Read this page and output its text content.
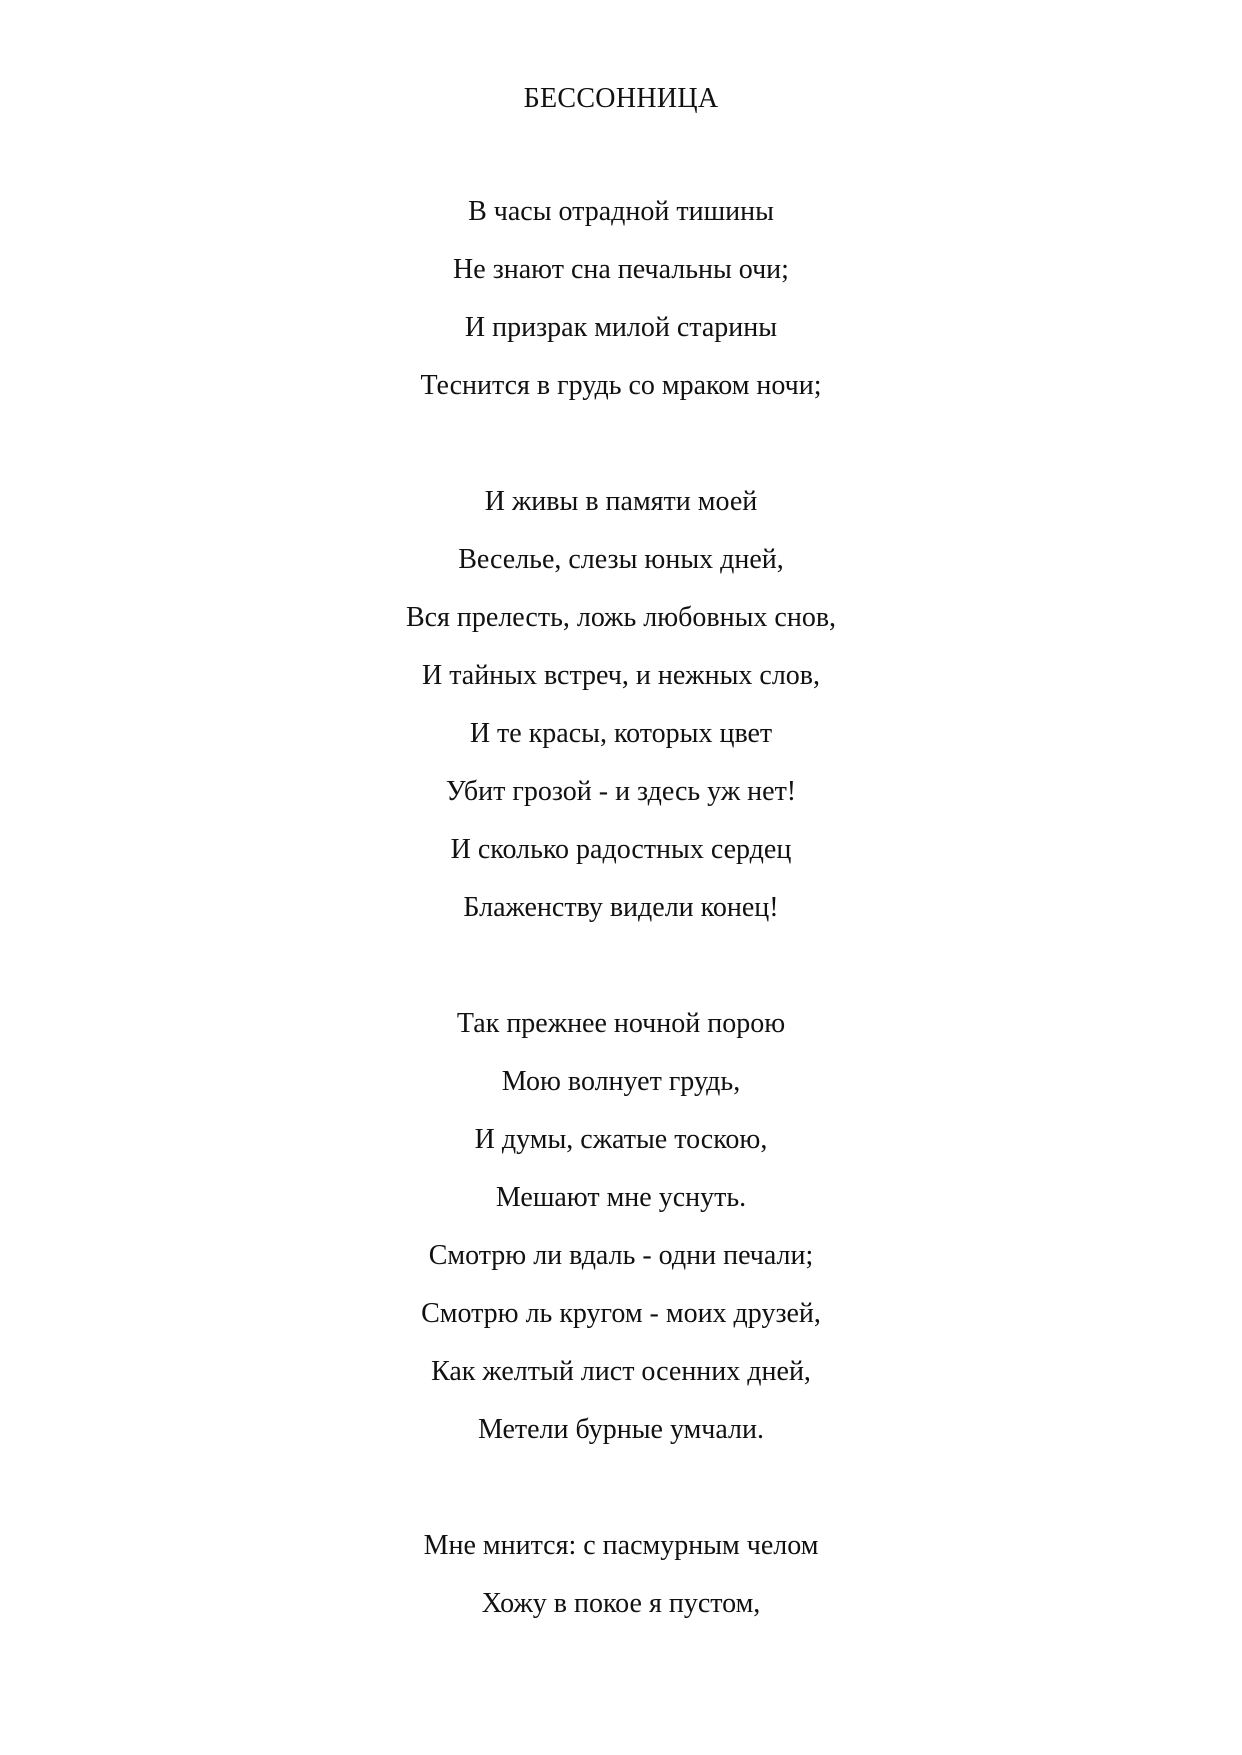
БЕССОННИЦА
В часы отрадной тишины
Не знают сна печальны очи;
И призрак милой старины
Теснится в грудь со мраком ночи;
И живы в памяти моей
Веселье, слезы юных дней,
Вся прелесть, ложь любовных снов,
И тайных встреч, и нежных слов,
И те красы, которых цвет
Убит грозой - и здесь уж нет!
И сколько радостных сердец
Блаженству видели конец!
Так прежнее ночной порою
Мою волнует грудь,
И думы, сжатые тоскою,
Мешают мне уснуть.
Смотрю ли вдаль - одни печали;
Смотрю ль кругом - моих друзей,
Как желтый лист осенних дней,
Метели бурные умчали.
Мне мнится: с пасмурным челом
Хожу в покое я пустом,
